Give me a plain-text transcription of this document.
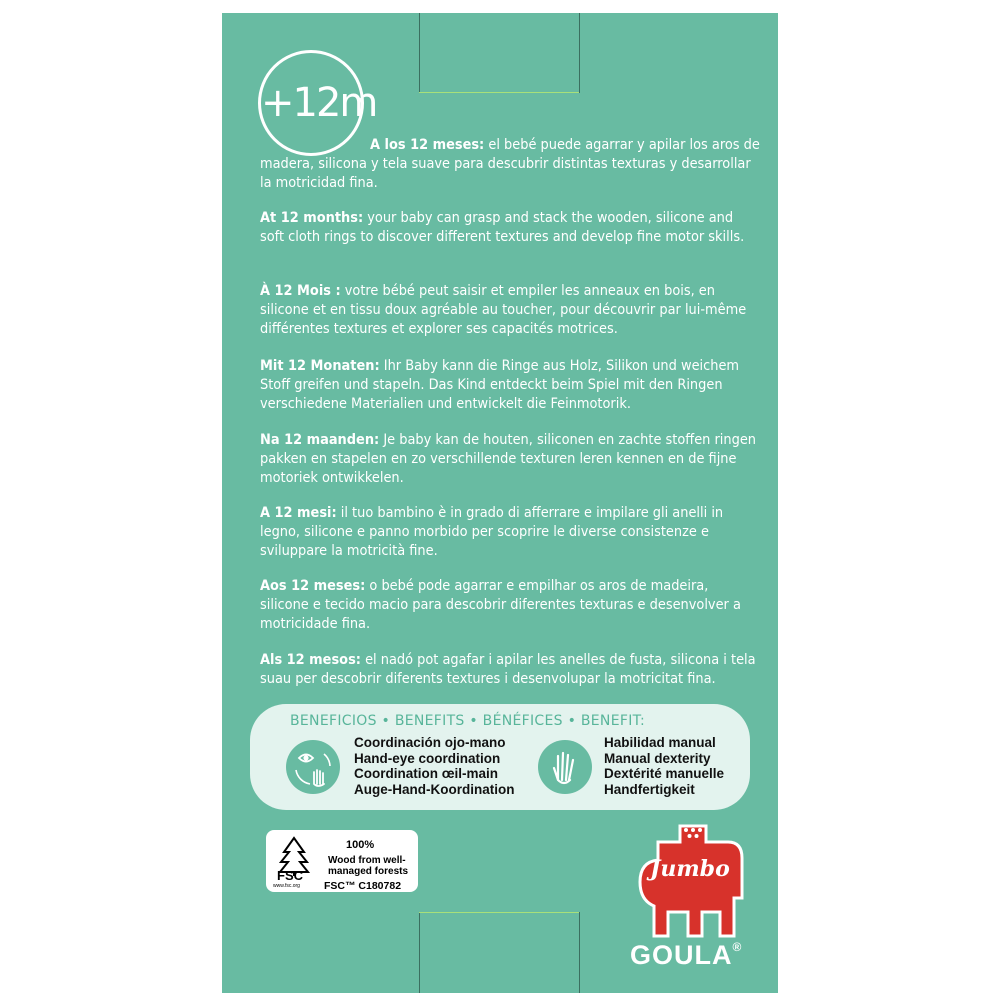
+12m

A los 12 meses: el bebé puede agarrar y apilar los aros de madera, silicona y tela suave para descubrir distintas texturas y desarrollar la motricidad fina.

At 12 months: your baby can grasp and stack the wooden, silicone and soft cloth rings to discover different textures and develop fine motor skills.

À 12 Mois : votre bébé peut saisir et empiler les anneaux en bois, en silicone et en tissu doux agréable au toucher, pour découvrir par lui-même différentes textures et explorer ses capacités motrices.

Mit 12 Monaten: Ihr Baby kann die Ringe aus Holz, Silikon und weichem Stoff greifen und stapeln. Das Kind entdeckt beim Spiel mit den Ringen verschiedene Materialien und entwickelt die Feinmotorik.

Na 12 maanden: Je baby kan de houten, siliconen en zachte stoffen ringen pakken en stapelen en zo verschillende texturen leren kennen en de fijne motoriek ontwikkelen.

A 12 mesi: il tuo bambino è in grado di afferrare e impilare gli anelli in legno, silicone e panno morbido per scoprire le diverse consistenze e sviluppare la motricità fine.

Aos 12 meses: o bebé pode agarrar e empilhar os aros de madeira, silicone e tecido macio para descobrir diferentes texturas e desenvolver a motricidade fina.

Als 12 mesos: el nadó pot agafar i apilar les anelles de fusta, silicona i tela suau per descobrir diferents textures i desenvolupar la motricitat fina.

BENEFICIOS • BENEFITS • BÉNÉFICES • BENEFIT:
Coordinación ojo-mano
Hand-eye coordination
Coordination œil-main
Auge-Hand-Koordination
Habilidad manual
Manual dexterity
Dextérité manuelle
Handfertigkeit
FSC
www.fsc.org
100%
Wood from well-
managed forests
FSC™ C180782
Jumbo
GOULA®
